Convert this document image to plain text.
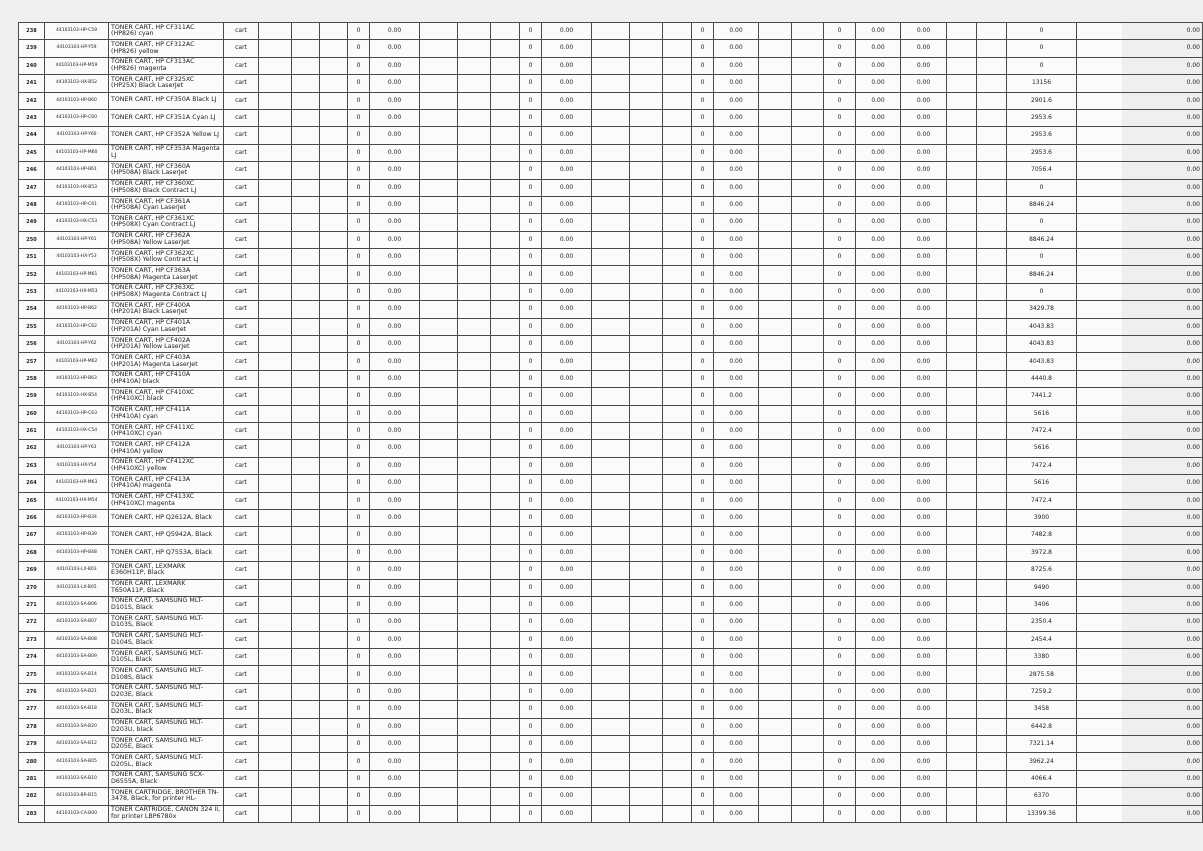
238	44103103-HP-C59	TONER CART, HP CF311AC (HP826) cyan	cart				0	0.00				0	0.00				0	0.00			0	0.00	0.00			0	0.00
239	44103103-HP-Y59	TONER CART, HP CF312AC (HP826) yellow	cart				0	0.00				0	0.00				0	0.00			0	0.00	0.00			0	0.00
240	44103103-HP-M59	TONER CART, HP CF313AC (HP826) magenta	cart				0	0.00				0	0.00				0	0.00			0	0.00	0.00			0	0.00
241	44103103-HX-B52	TONER CART, HP CF325XC (HP25X) Black LaserJet	cart				0	0.00				0	0.00				0	0.00			0	0.00	0.00			13156	0.00
242	44103103-HP-B60	TONER CART, HP CF350A Black LJ	cart				0	0.00				0	0.00				0	0.00			0	0.00	0.00			2901.6	0.00
243	44103103-HP-C60	TONER CART, HP CF351A Cyan LJ	cart				0	0.00				0	0.00				0	0.00			0	0.00	0.00			2953.6	0.00
244	44103103-HP-Y60	TONER CART, HP CF352A Yellow LJ	cart				0	0.00				0	0.00				0	0.00			0	0.00	0.00			2953.6	0.00
245	44103103-HP-M60	TONER CART, HP CF353A Magenta LJ	cart				0	0.00				0	0.00				0	0.00			0	0.00	0.00			2953.6	0.00
246	44103103-HP-B61	TONER CART, HP CF360A (HP508A) Black LaserJet	cart				0	0.00				0	0.00				0	0.00			0	0.00	0.00			7056.4	0.00
247	44103103-HX-B53	TONER CART, HP CF360XC (HP508X) Black Contract LJ	cart				0	0.00				0	0.00				0	0.00			0	0.00	0.00			0	0.00
248	44103103-HP-C61	TONER CART, HP CF361A (HP508A) Cyan LaserJet	cart				0	0.00				0	0.00				0	0.00			0	0.00	0.00			8846.24	0.00
249	44103103-HX-C53	TONER CART, HP CF361XC (HP508X) Cyan Contract LJ	cart				0	0.00				0	0.00				0	0.00			0	0.00	0.00			0	0.00
250	44103103-HP-Y61	TONER CART, HP CF362A (HP508A) Yellow LaserJet	cart				0	0.00				0	0.00				0	0.00			0	0.00	0.00			8846.24	0.00
251	44103103-HX-Y53	TONER CART, HP CF362XC (HP508X) Yellow Contract LJ	cart				0	0.00				0	0.00				0	0.00			0	0.00	0.00			0	0.00
252	44103103-HP-M61	TONER CART, HP CF363A (HP508A) Magenta LaserJet	cart				0	0.00				0	0.00				0	0.00			0	0.00	0.00			8846.24	0.00
253	44103103-HX-M53	TONER CART, HP CF363XC (HP508X) Magenta Contract LJ	cart				0	0.00				0	0.00				0	0.00			0	0.00	0.00			0	0.00
254	44103103-HP-B62	TONER CART, HP CF400A (HP201A) Black LaserJet	cart				0	0.00				0	0.00				0	0.00			0	0.00	0.00			3429.78	0.00
255	44103103-HP-C62	TONER CART, HP CF401A (HP201A) Cyan LaserJet	cart				0	0.00				0	0.00				0	0.00			0	0.00	0.00			4043.83	0.00
256	44103103-HP-Y62	TONER CART, HP CF402A (HP201A) Yellow LaserJet	cart				0	0.00				0	0.00				0	0.00			0	0.00	0.00			4043.83	0.00
257	44103103-HP-M62	TONER CART, HP CF403A (HP201A) Magenta LaserJet	cart				0	0.00				0	0.00				0	0.00			0	0.00	0.00			4043.83	0.00
258	44103103-HP-B63	TONER CART, HP CF410A (HP410A) black	cart				0	0.00				0	0.00				0	0.00			0	0.00	0.00			4440.8	0.00
259	44103103-HX-B54	TONER CART, HP CF410XC (HP410XC) black	cart				0	0.00				0	0.00				0	0.00			0	0.00	0.00			7441.2	0.00
260	44103103-HP-C63	TONER CART, HP CF411A (HP410A) cyan	cart				0	0.00				0	0.00				0	0.00			0	0.00	0.00			5616	0.00
261	44103103-HX-C54	TONER CART, HP CF411XC (HP410XC) cyan	cart				0	0.00				0	0.00				0	0.00			0	0.00	0.00			7472.4	0.00
262	44103103-HP-Y63	TONER CART, HP CF412A (HP410A) yellow	cart				0	0.00				0	0.00				0	0.00			0	0.00	0.00			5616	0.00
263	44103103-HX-Y54	TONER CART, HP CF412XC (HP410XC) yellow	cart				0	0.00				0	0.00				0	0.00			0	0.00	0.00			7472.4	0.00
264	44103103-HP-M63	TONER CART, HP CF413A (HP410A) magenta	cart				0	0.00				0	0.00				0	0.00			0	0.00	0.00			5616	0.00
265	44103103-HX-M54	TONER CART, HP CF413XC (HP410XC) magenta	cart				0	0.00				0	0.00				0	0.00			0	0.00	0.00			7472.4	0.00
266	44103103-HP-B34	TONER CART, HP Q2612A, Black	cart				0	0.00				0	0.00				0	0.00			0	0.00	0.00			3900	0.00
267	44103103-HP-B39	TONER CART, HP Q5942A, Black	cart				0	0.00				0	0.00				0	0.00			0	0.00	0.00			7482.8	0.00
268	44103103-HP-B48	TONER CART, HP Q7553A, Black	cart				0	0.00				0	0.00				0	0.00			0	0.00	0.00			3972.8	0.00
269	44103103-LX-B03	TONER CART, LEXMARK E360H11P, Black	cart				0	0.00				0	0.00				0	0.00			0	0.00	0.00			8725.6	0.00
270	44103103-LX-B05	TONER CART, LEXMARK T650A11P, Black	cart				0	0.00				0	0.00				0	0.00			0	0.00	0.00			9490	0.00
271	44103103-SA-B06	TONER CART, SAMSUNG MLT-D101S, Black	cart				0	0.00				0	0.00				0	0.00			0	0.00	0.00			3406	0.00
272	44103103-SA-B07	TONER CART, SAMSUNG MLT-D103S, Black	cart				0	0.00				0	0.00				0	0.00			0	0.00	0.00			2350.4	0.00
273	44103103-SA-B08	TONER CART, SAMSUNG MLT-D104S, Black	cart				0	0.00				0	0.00				0	0.00			0	0.00	0.00			2454.4	0.00
274	44103103-SA-B09	TONER CART, SAMSUNG MLT-D105L, Black	cart				0	0.00				0	0.00				0	0.00			0	0.00	0.00			3380	0.00
275	44103103-SA-B14	TONER CART, SAMSUNG MLT-D108S, Black	cart				0	0.00				0	0.00				0	0.00			0	0.00	0.00			2875.58	0.00
276	44103103-SA-B21	TONER CART, SAMSUNG MLT-D203E, Black	cart				0	0.00				0	0.00				0	0.00			0	0.00	0.00			7259.2	0.00
277	44103103-SA-B18	TONER CART, SAMSUNG MLT-D203L, Black	cart				0	0.00				0	0.00				0	0.00			0	0.00	0.00			3458	0.00
278	44103103-SA-B20	TONER CART, SAMSUNG MLT-D203U, black	cart				0	0.00				0	0.00				0	0.00			0	0.00	0.00			6442.8	0.00
279	44103103-SA-B12	TONER CART, SAMSUNG MLT-D205E, Black	cart				0	0.00				0	0.00				0	0.00			0	0.00	0.00			7321.14	0.00
280	44103103-SA-B05	TONER CART, SAMSUNG MLT-D205L, Black	cart				0	0.00				0	0.00				0	0.00			0	0.00	0.00			3962.24	0.00
281	44103103-SA-B10	TONER CART, SAMSUNG SCX-D6555A, Black	cart				0	0.00				0	0.00				0	0.00			0	0.00	0.00			4066.4	0.00
282	44103103-BR-B15	TONER CARTRIDGE, BROTHER TN-3478, Black, for printer HL-	cart				0	0.00				0	0.00				0	0.00			0	0.00	0.00			6370	0.00
283	44103103-CA-B00	TONER CARTRIDGE, CANON 324 II, for printer LBP6780x	cart				0	0.00				0	0.00				0	0.00			0	0.00	0.00			13399.36	0.00
